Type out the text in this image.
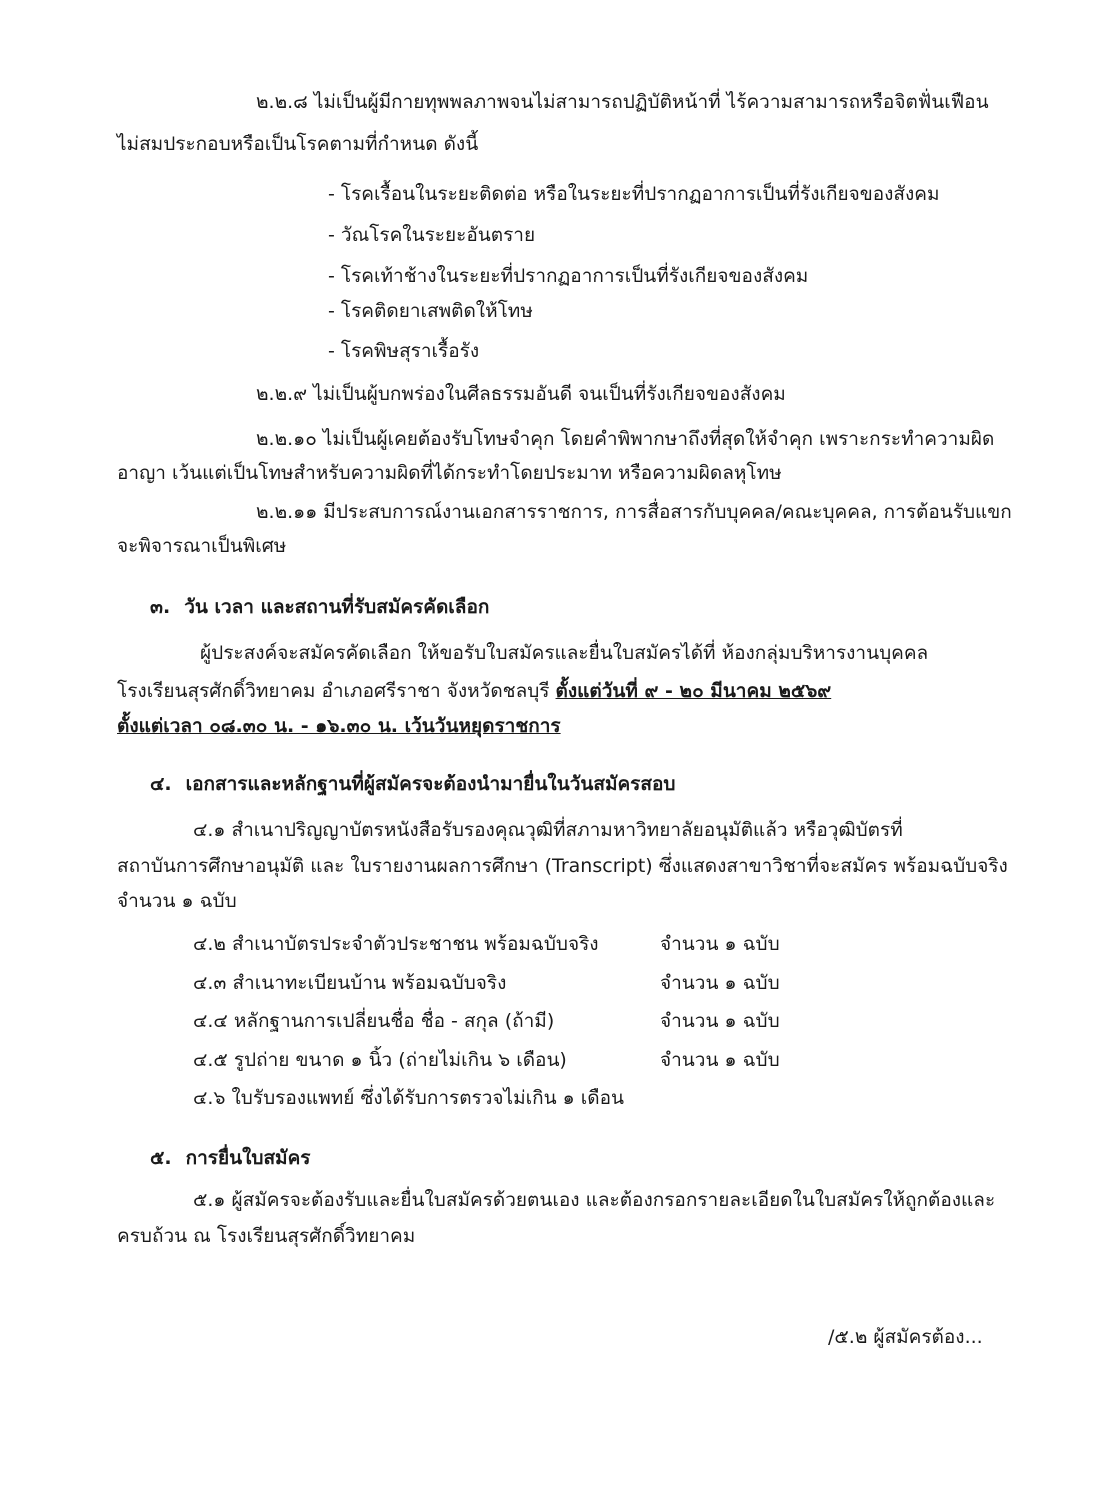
๒.๒.๘ ไม่เป็นผู้มีกายทุพพลภาพจนไม่สามารถปฏิบัติหน้าที่ ไร้ความสามารถหรือจิตฟั่นเฟือน
ไม่สมประกอบหรือเป็นโรคตามที่กำหนด ดังนี้
- โรคเรื้อนในระยะติดต่อ หรือในระยะที่ปรากฏอาการเป็นที่รังเกียจของสังคม
- วัณโรคในระยะอันตราย
- โรคเท้าช้างในระยะที่ปรากฏอาการเป็นที่รังเกียจของสังคม
- โรคติดยาเสพติดให้โทษ
- โรคพิษสุราเรื้อรัง
๒.๒.๙ ไม่เป็นผู้บกพร่องในศีลธรรมอันดี จนเป็นที่รังเกียจของสังคม
๒.๒.๑๐ ไม่เป็นผู้เคยต้องรับโทษจำคุก โดยคำพิพากษาถึงที่สุดให้จำคุก เพราะกระทำความผิด
อาญา เว้นแต่เป็นโทษสำหรับความผิดที่ได้กระทำโดยประมาท หรือความผิดลหุโทษ
๒.๒.๑๑ มีประสบการณ์งานเอกสารราชการ, การสื่อสารกับบุคคล/คณะบุคคล, การต้อนรับแขก
จะพิจารณาเป็นพิเศษ
๓. วัน เวลา และสถานที่รับสมัครคัดเลือก
ผู้ประสงค์จะสมัครคัดเลือก ให้ขอรับใบสมัครและยื่นใบสมัครได้ที่ ห้องกลุ่มบริหารงานบุคคล
โรงเรียนสุรศักดิ์วิทยาคม อำเภอศรีราชา จังหวัดชลบุรี ตั้งแต่วันที่ ๙ - ๒๐ มีนาคม ๒๕๖๙
ตั้งแต่เวลา ๐๘.๓๐ น. - ๑๖.๓๐ น. เว้นวันหยุดราชการ
๔. เอกสารและหลักฐานที่ผู้สมัครจะต้องนำมายื่นในวันสมัครสอบ
๔.๑ สำเนาปริญญาบัตรหนังสือรับรองคุณวุฒิที่สภามหาวิทยาลัยอนุมัติแล้ว หรือวุฒิบัตรที่
สถาบันการศึกษาอนุมัติ และ ใบรายงานผลการศึกษา (Transcript) ซึ่งแสดงสาขาวิชาที่จะสมัคร พร้อมฉบับจริง
จำนวน ๑ ฉบับ
๔.๒ สำเนาบัตรประจำตัวประชาชน พร้อมฉบับจริง	จำนวน ๑ ฉบับ
๔.๓ สำเนาทะเบียนบ้าน พร้อมฉบับจริง	จำนวน ๑ ฉบับ
๔.๔ หลักฐานการเปลี่ยนชื่อ ชื่อ - สกุล (ถ้ามี)	จำนวน ๑ ฉบับ
๔.๕ รูปถ่าย ขนาด ๑ นิ้ว (ถ่ายไม่เกิน ๖ เดือน)	จำนวน ๑ ฉบับ
๔.๖ ใบรับรองแพทย์ ซึ่งได้รับการตรวจไม่เกิน ๑ เดือน
๕. การยื่นใบสมัคร
๕.๑ ผู้สมัครจะต้องรับและยื่นใบสมัครด้วยตนเอง และต้องกรอกรายละเอียดในใบสมัครให้ถูกต้องและ
ครบถ้วน ณ โรงเรียนสุรศักดิ์วิทยาคม
/๕.๒ ผู้สมัครต้อง...
